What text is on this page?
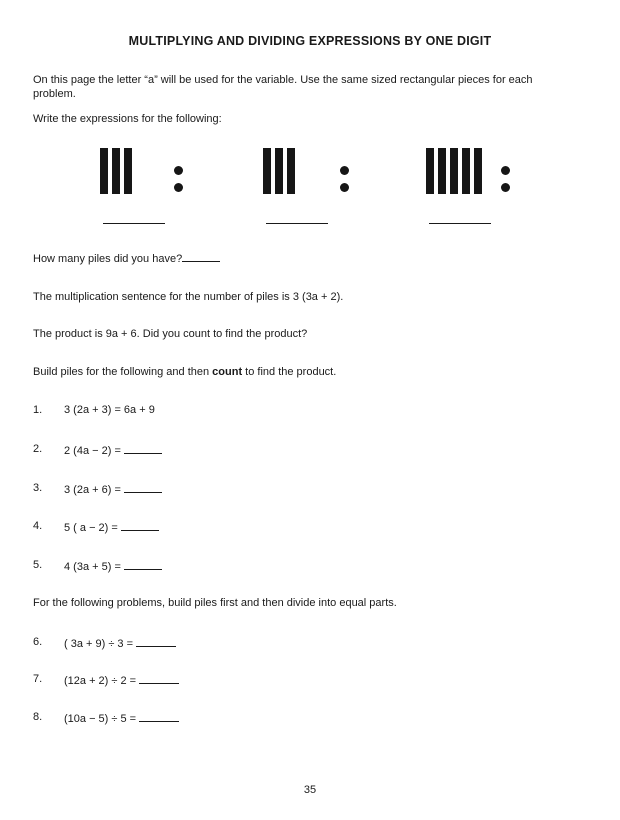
MULTIPLYING AND DIVIDING EXPRESSIONS BY ONE DIGIT
On this page the letter “a” will be used for the variable. Use the same sized rectangular pieces for each problem.
Write the expressions for the following:
How many piles did you have?
The multiplication sentence for the number of piles is 3 (3a + 2).
The product is 9a + 6. Did you count to find the product?
Build piles for the following and then count to find the product.
1. 3 (2a + 3) = 6a + 9
2. 2 (4a − 2) =
3. 3 (2a + 6) =
4. 5 ( a − 2) =
5. 4 (3a + 5) =
For the following problems, build piles first and then divide into equal parts.
6. ( 3a + 9) ÷ 3 =
7. (12a + 2) ÷ 2 =
8. (10a − 5) ÷ 5 =
35
